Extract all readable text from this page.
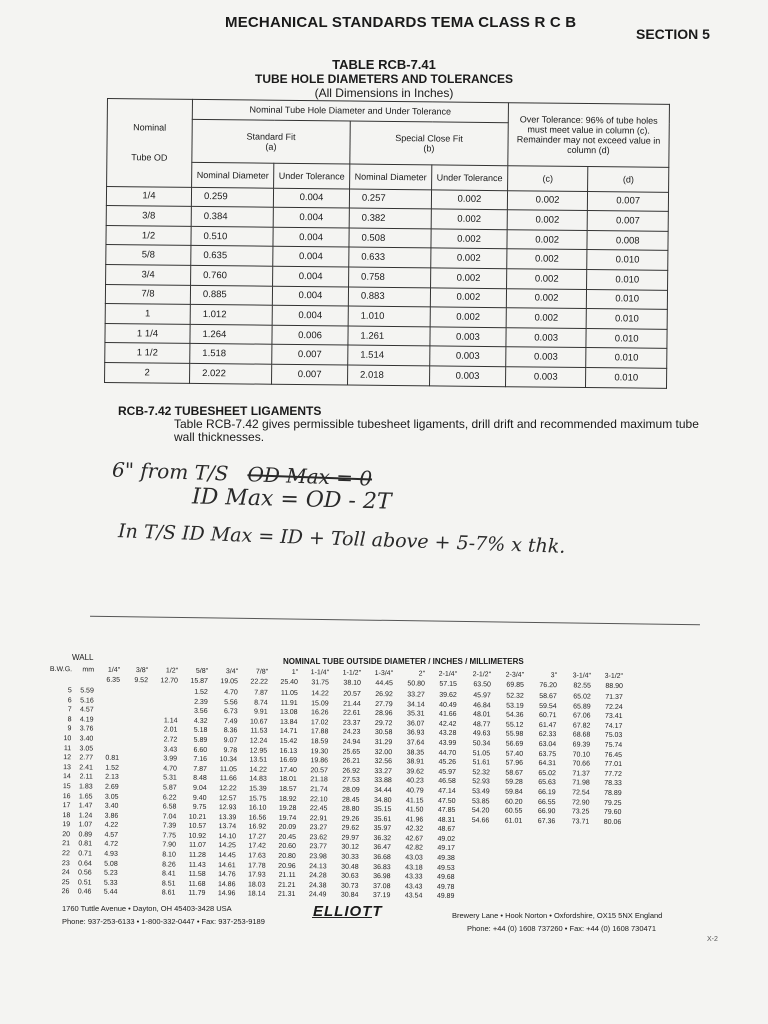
MECHANICAL STANDARDS TEMA CLASS R C B
SECTION 5
TABLE RCB-7.41
TUBE HOLE DIAMETERS AND TOLERANCES
(All Dimensions in Inches)
Nominal

Tube OD	Nominal Tube Hole Diameter and Under Tolerance				Over Tolerance: 96% of tube holes must meet value in column (c). Remainder may not exceed value in column (d)	
	Standard Fit
(a)		Special Close Fit
(b)			
	Nominal Diameter	Under Tolerance	Nominal Diameter	Under Tolerance	(c)	(d)
1/4	0.259	0.004	0.257	0.002	0.002	0.007
3/8	0.384	0.004	0.382	0.002	0.002	0.007
1/2	0.510	0.004	0.508	0.002	0.002	0.008
5/8	0.635	0.004	0.633	0.002	0.002	0.010
3/4	0.760	0.004	0.758	0.002	0.002	0.010
7/8	0.885	0.004	0.883	0.002	0.002	0.010
1	1.012	0.004	1.010	0.002	0.002	0.010
1 1/4	1.264	0.006	1.261	0.003	0.003	0.010
1 1/2	1.518	0.007	1.514	0.003	0.003	0.010
2	2.022	0.007	2.018	0.003	0.003	0.010
RCB-7.42 TUBESHEET LIGAMENTS
Table RCB-7.42 gives permissible tubesheet ligaments, drill drift and recommended maximum tube wall thicknesses.
6" from T/S OD Max = 0
ID Max = OD - 2T
In T/S ID Max = ID + Toll above + 5-7% x thk.
WALL	NOMINAL TUBE OUTSIDE DIAMETER / INCHES / MILLIMETERS
B.W.G.	mm	1/4"	3/8"	1/2"	5/8"	3/4"	7/8"	1"	1-1/4"	1-1/2"	1-3/4"	2"	2-1/4"	2-1/2"	2-3/4"	3"	3-1/4"	3-1/2"
		6.35	9.52	12.70	15.87	19.05	22.22	25.40	31.75	38.10	44.45	50.80	57.15	63.50	69.85	76.20	82.55	88.90
5	5.59				1.52	4.70	7.87	11.05	14.22	20.57	26.92	33.27	39.62	45.97	52.32	58.67	65.02	71.37
6	5.16				2.39	5.56	8.74	11.91	15.09	21.44	27.79	34.14	40.49	46.84	53.19	59.54	65.89	72.24
7	4.57				3.56	6.73	9.91	13.08	16.26	22.61	28.96	35.31	41.66	48.01	54.36	60.71	67.06	73.41
8	4.19			1.14	4.32	7.49	10.67	13.84	17.02	23.37	29.72	36.07	42.42	48.77	55.12	61.47	67.82	74.17
9	3.76			2.01	5.18	8.36	11.53	14.71	17.88	24.23	30.58	36.93	43.28	49.63	55.98	62.33	68.68	75.03
10	3.40			2.72	5.89	9.07	12.24	15.42	18.59	24.94	31.29	37.64	43.99	50.34	56.69	63.04	69.39	75.74
11	3.05			3.43	6.60	9.78	12.95	16.13	19.30	25.65	32.00	38.35	44.70	51.05	57.40	63.75	70.10	76.45
12	2.77	0.81		3.99	7.16	10.34	13.51	16.69	19.86	26.21	32.56	38.91	45.26	51.61	57.96	64.31	70.66	77.01
13	2.41	1.52		4.70	7.87	11.05	14.22	17.40	20.57	26.92	33.27	39.62	45.97	52.32	58.67	65.02	71.37	77.72
14	2.11	2.13		5.31	8.48	11.66	14.83	18.01	21.18	27.53	33.88	40.23	46.58	52.93	59.28	65.63	71.98	78.33
15	1.83	2.69		5.87	9.04	12.22	15.39	18.57	21.74	28.09	34.44	40.79	47.14	53.49	59.84	66.19	72.54	78.89
16	1.65	3.05		6.22	9.40	12.57	15.75	18.92	22.10	28.45	34.80	41.15	47.50	53.85	60.20	66.55	72.90	79.25
17	1.47	3.40		6.58	9.75	12.93	16.10	19.28	22.45	28.80	35.15	41.50	47.85	54.20	60.55	66.90	73.25	79.60
18	1.24	3.86		7.04	10.21	13.39	16.56	19.74	22.91	29.26	35.61	41.96	48.31	54.66	61.01	67.36	73.71	80.06
19	1.07	4.22		7.39	10.57	13.74	16.92	20.09	23.27	29.62	35.97	42.32	48.67					
20	0.89	4.57		7.75	10.92	14.10	17.27	20.45	23.62	29.97	36.32	42.67	49.02					
21	0.81	4.72		7.90	11.07	14.25	17.42	20.60	23.77	30.12	36.47	42.82	49.17					
22	0.71	4.93		8.10	11.28	14.45	17.63	20.80	23.98	30.33	36.68	43.03	49.38					
23	0.64	5.08		8.26	11.43	14.61	17.78	20.96	24.13	30.48	36.83	43.18	49.53					
24	0.56	5.23		8.41	11.58	14.76	17.93	21.11	24.28	30.63	36.98	43.33	49.68					
25	0.51	5.33		8.51	11.68	14.86	18.03	21.21	24.38	30.73	37.08	43.43	49.78					
26	0.46	5.44		8.61	11.79	14.96	18.14	21.31	24.49	30.84	37.19	43.54	49.89					
1760 Tuttle Avenue • Dayton, OH 45403-3428 USA
Phone: 937-253-6133 • 1-800-332-0447 • Fax: 937-253-9189
ELLIOTT	Brewery Lane • Hook Norton • Oxfordshire, OX15 5NX England
Phone: +44 (0) 1608 737260 • Fax: +44 (0) 1608 730471
X-2
